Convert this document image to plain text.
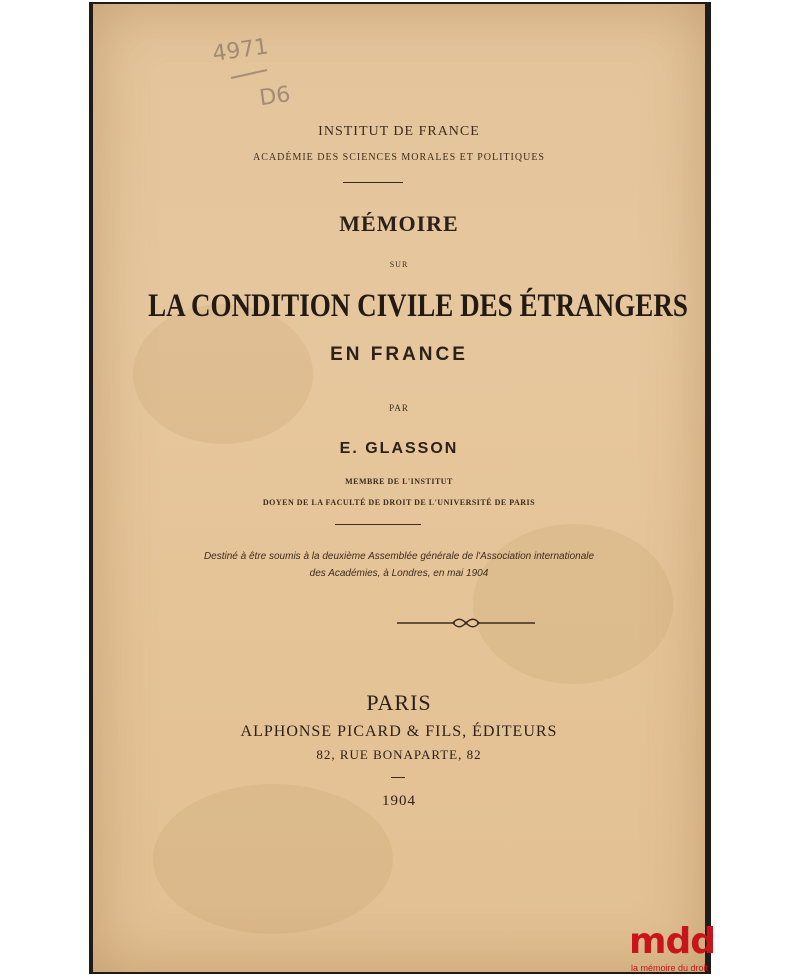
4971
D6
INSTITUT DE FRANCE
ACADÉMIE DES SCIENCES MORALES ET POLITIQUES
MÉMOIRE
SUR
LA CONDITION CIVILE DES ÉTRANGERS
EN FRANCE
PAR
E. GLASSON
MEMBRE DE L'INSTITUT
DOYEN DE LA FACULTÉ DE DROIT DE L'UNIVERSITÉ DE PARIS
Destiné à être soumis à la deuxième Assemblée générale de l'Association internationale
des Académies, à Londres, en mai 1904
PARIS
ALPHONSE PICARD & FILS, ÉDITEURS
82, RUE BONAPARTE, 82
1904
mdd
la mémoire du droit
